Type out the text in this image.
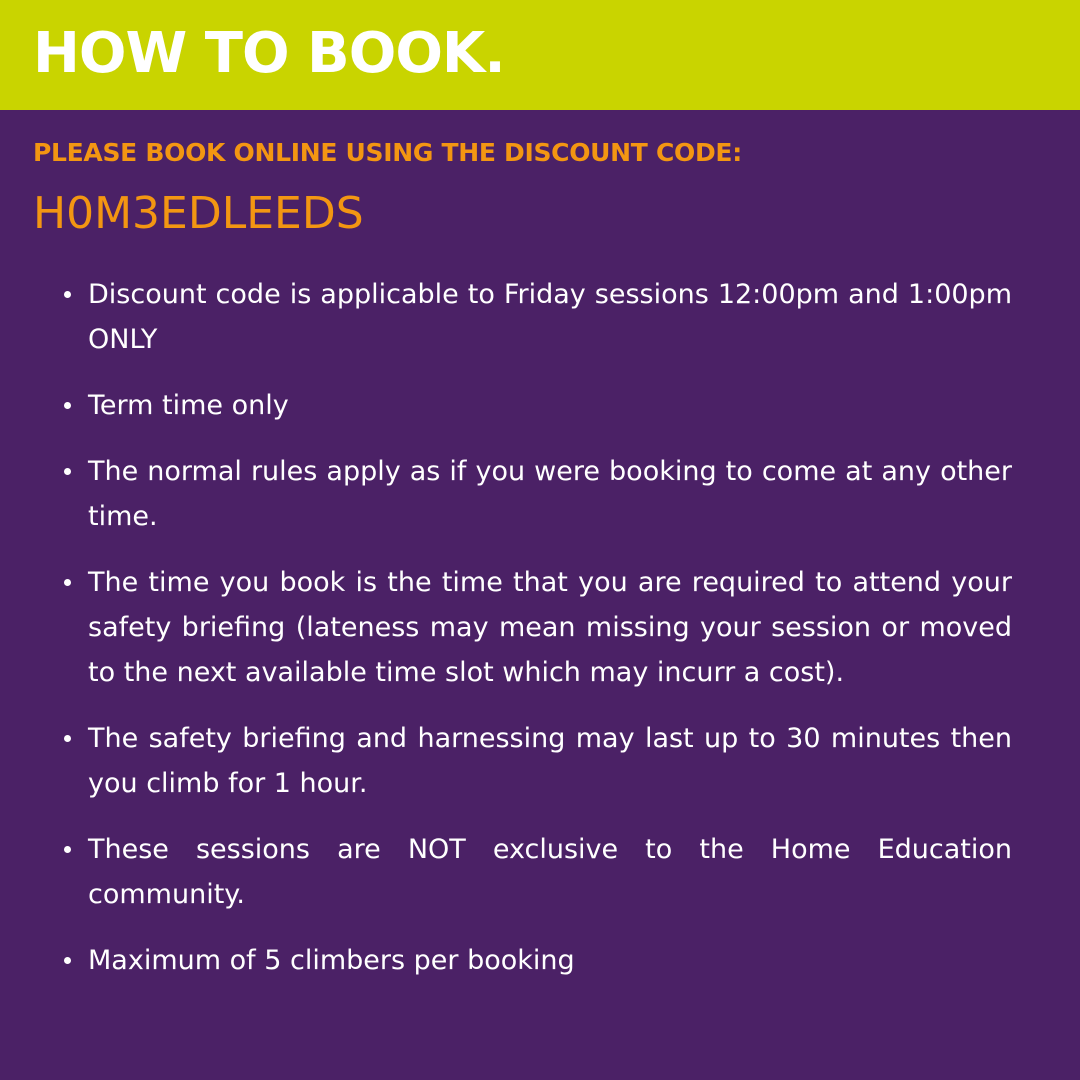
HOW TO BOOK.

PLEASE BOOK ONLINE USING THE DISCOUNT CODE:

H0M3EDLEEDS

Discount code is applicable to Friday sessions 12:00pm and 1:00pm ONLY
Term time only
The normal rules apply as if you were booking to come at any other time.
The time you book is the time that you are required to attend your safety briefing (lateness may mean missing your session or moved to the next available time slot which may incurr a cost).
The safety briefing and harnessing may last up to 30 minutes then you climb for 1 hour.
These sessions are NOT exclusive to the Home Education community.
Maximum of 5 climbers per booking
